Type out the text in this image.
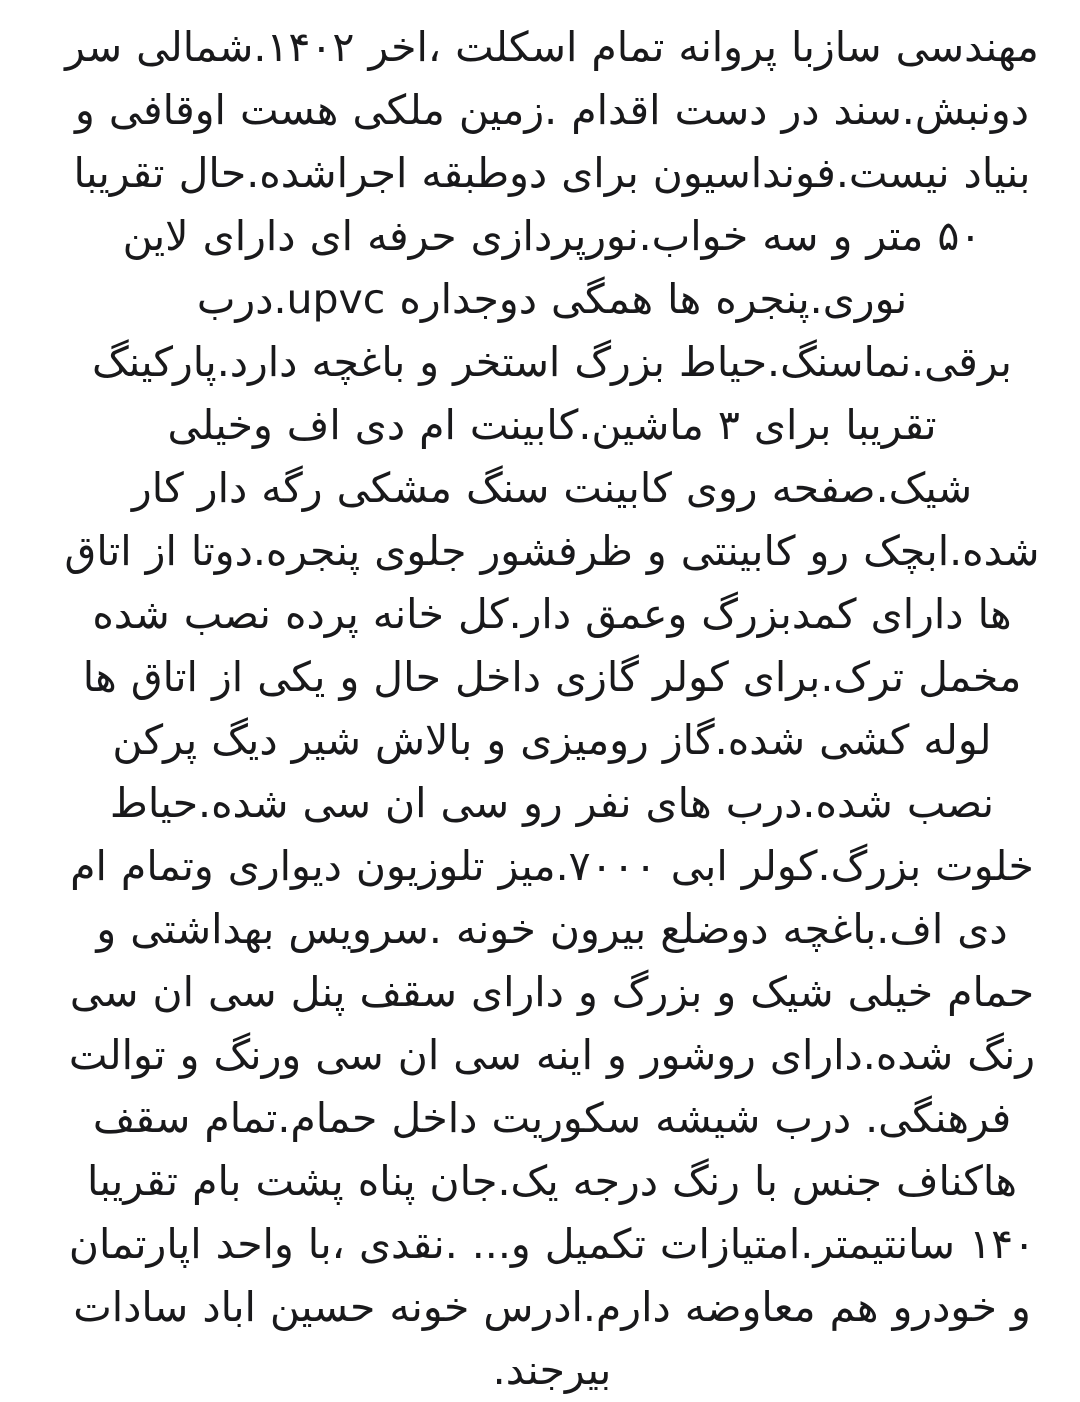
مهندسی سازبا پروانه تمام اسکلت ،اخر ۱۴۰۲.شمالی سر دونبش.سند در دست اقدام .زمین ملکی هست اوقافی و بنیاد نیست.فونداسیون برای دوطبقه اجراشده.حال تقریبا ۵۰ متر و سه خواب.نورپردازی حرفه ای دارای لاین نوری.پنجره ها همگی دوجداره upvc.درب برقی.نماسنگ.حیاط بزرگ استخر و باغچه دارد.پارکینگ تقریبا برای ۳ ماشین.کابینت ام دی اف وخیلی شیک.صفحه روی کابینت سنگ مشکی رگه دار کار شده.ابچک رو کابینتی و ظرفشور جلوی پنجره.دوتا از اتاق ها دارای کمدبزرگ وعمق دار.کل خانه پرده نصب شده مخمل ترک.برای کولر گازی داخل حال و یکی از اتاق ها لوله کشی شده.گاز رومیزی و بالاش شیر دیگ پرکن نصب شده.درب های نفر رو سی ان سی شده.حیاط خلوت بزرگ.کولر ابی ۷۰۰۰.میز تلوزیون دیواری وتمام ام دی اف.باغچه دوضلع بیرون خونه .سرویس بهداشتی و حمام خیلی شیک و بزرگ و دارای سقف پنل سی ان سی رنگ شده.دارای روشور و اینه سی ان سی ورنگ و توالت فرهنگی. درب شیشه سکوریت داخل حمام.تمام سقف هاکناف جنس با رنگ درجه یک.جان پناه پشت بام تقریبا ۱۴۰ سانتیمتر.امتیازات تکمیل و... .نقدی ،با واحد اپارتمان و خودرو هم معاوضه دارم.ادرس خونه حسین اباد سادات بیرجند.
